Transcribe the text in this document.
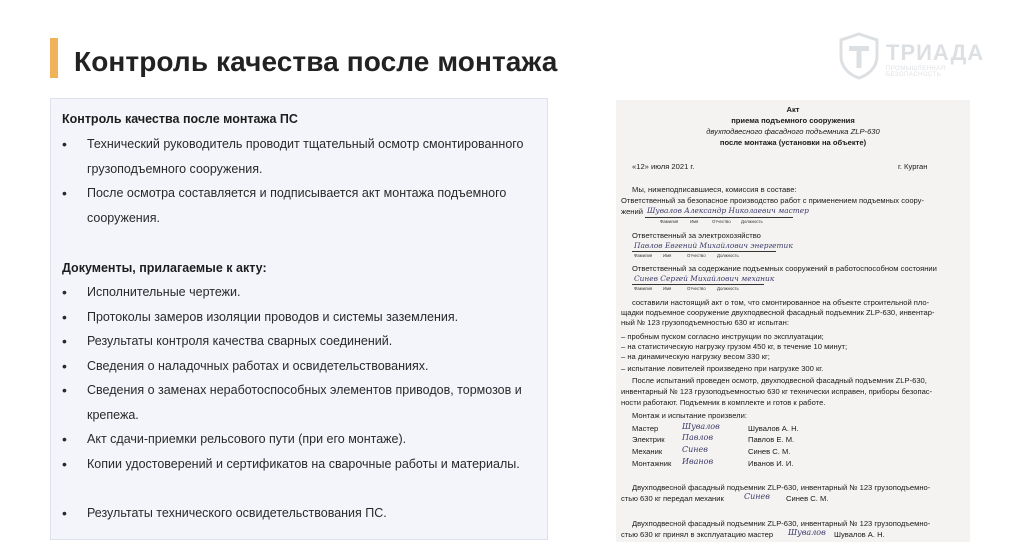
Контроль качества после монтажа	ТРИАДА
ПРОМЫШЛЕННАЯ БЕЗОПАСНОСТЬ
Контроль качества после монтажа ПС
•	Технический руководитель проводит тщательный осмотр смонтированного грузоподъемного сооружения.
•	После осмотра составляется и подписывается акт монтажа подъемного сооружения.
Документы, прилагаемые к акту:
•	Исполнительные чертежи.
•	Протоколы замеров изоляции проводов и системы заземления.
•	Результаты контроля качества сварных соединений.
•	Сведения о наладочных работах и освидетельствованиях.
•	Сведения о заменах неработоспособных элементов приводов, тормозов и крепежа.
•	Акт сдачи-приемки рельсового пути (при его монтаже).
•	Копии удостоверений и сертификатов на сварочные работы и материалы.
•	Результаты технического освидетельствования ПС.
Акт
приема подъемного сооружения
двухподвесного фасадного подъемника ZLP-630
после монтажа (установки на объекте)
«12» июля 2021 г.	г. Курган
Мы, нижеподписавшиеся, комиссия в составе:
Ответственный за безопасное производство работ с применением подъемных соору-
жений Шувалов Александр Николаевич мастер
Фамилия	Имя	Отчество Должность
Ответственный за электрохозяйство
Павлов Евгений Михайлович энергетик
Фамилия	Имя	Отчество	Должность
Ответственный за содержание подъемных сооружений в работоспособном состоянии
Синев Сергей Михайлович механик
Фамилия	Имя	Отчество	Должность
составили настоящий акт о том, что смонтированное на объекте строительной пло-
щадки подъемное сооружение двухподвесной фасадный подъемник ZLP-630, инвентар-
ный № 123 грузоподъемностью 630 кг испытан:
– пробным пуском согласно инструкции по эксплуатации;
– на статистическую нагрузку грузом 450 кг, в течение 10 минут;
– на динамическую нагрузку весом 330 кг;
– испытание ловителей произведено при нагрузке 300 кг.
После испытаний проведен осмотр, двухподвесной фасадный подъемник ZLP-630,
инвентарный № 123 грузоподъемностью 630 кг технически исправен, приборы безопас-
ности работают. Подъемник в комплекте и готов к работе.
Монтаж и испытание произвели:
Мастер	Шувалов	Шувалов А. Н.
Электрик Павлов	Павлов Е. М.
Механик Синев	Синев С. М.
Монтажник Иванов	Иванов И. И.
Двухподвесной фасадный подъемник ZLP-630, инвентарный № 123 грузоподъемно-
стью 630 кг передал механик	Синев Синев С. М.
Двухподвесной фасадный подъемник ZLP-630, инвентарный № 123 грузоподъемно-
стью 630 кг принял в эксплуатацию мастер Шувалов Шувалов А. Н.
